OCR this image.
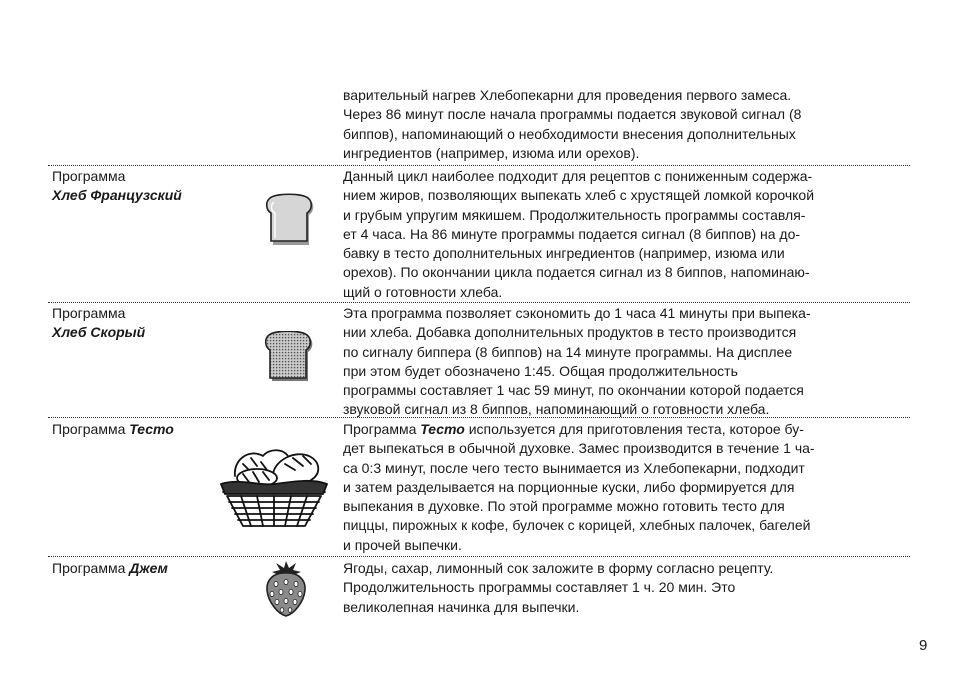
варительный нагрев Хлебопекарни для проведения первого замеса.
Через 86 минут после начала программы подается звуковой сигнал (8
биппов), напоминающий о необходимости внесения дополнительных
ингредиентов (например, изюма или орехов).
Программа
Хлеб Французский
Данный цикл наиболее подходит для рецептов с пониженным содержа-
нием жиров, позволяющих выпекать хлеб с хрустящей ломкой корочкой
и грубым упругим мякишем. Продолжительность программы составля-
ет 4 часа. На 86 минуте программы подается сигнал (8 биппов) на до-
бавку в тесто дополнительных ингредиентов (например, изюма или
орехов). По окончании цикла подается сигнал из 8 биппов, напоминаю-
щий о готовности хлеба.
Программа
Хлеб Скорый
Эта программа позволяет сэкономить до 1 часа 41 минуты при выпека-
нии хлеба. Добавка дополнительных продуктов в тесто производится
по сигналу биппера (8 биппов) на 14 минуте программы. На дисплее
при этом будет обозначено 1:45. Общая продолжительность
программы составляет 1 час 59 минут, по окончании которой подается
звуковой сигнал из 8 биппов, напоминающий о готовности хлеба.
Программа Тесто	Программа Тесто используется для приготовления теста, которое бу-
дет выпекаться в обычной духовке. Замес производится в течение 1 ча-
са 0:3 минут, после чего тесто вынимается из Хлебопекарни, подходит
и затем разделывается на порционные куски, либо формируется для
выпекания в духовке. По этой программе можно готовить тесто для
пиццы, пирожных к кофе, булочек с корицей, хлебных палочек, багелей
и прочей выпечки.
Программа Джем	Ягоды, сахар, лимонный сок заложите в форму согласно рецепту.
Продолжительность программы составляет 1 ч. 20 мин. Это
великолепная начинка для выпечки.
9
